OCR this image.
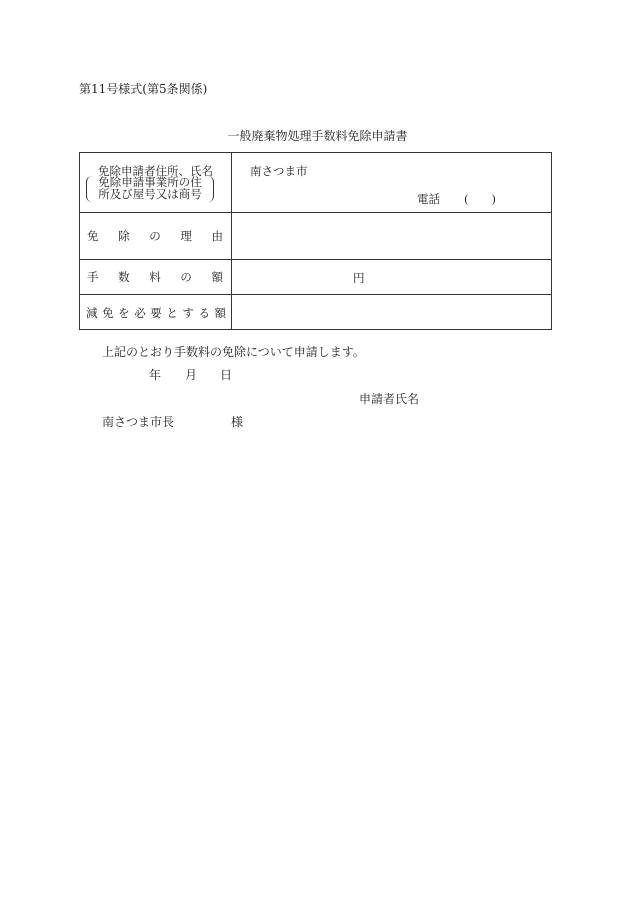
第11号様式(第5条関係)
一般廃棄物処理手数料免除申請書
免除申請者住所、氏名
免除申請事業所の住
所及び屋号又は商号
南さつま市
電話 (　　)
免 除 の 理 由
手 数 料 の 額	円
減 免 を 必 要 と す る 額
上記のとおり手数料の免除について申請します。
年 月 日
申請者氏名
南さつま市長	様
